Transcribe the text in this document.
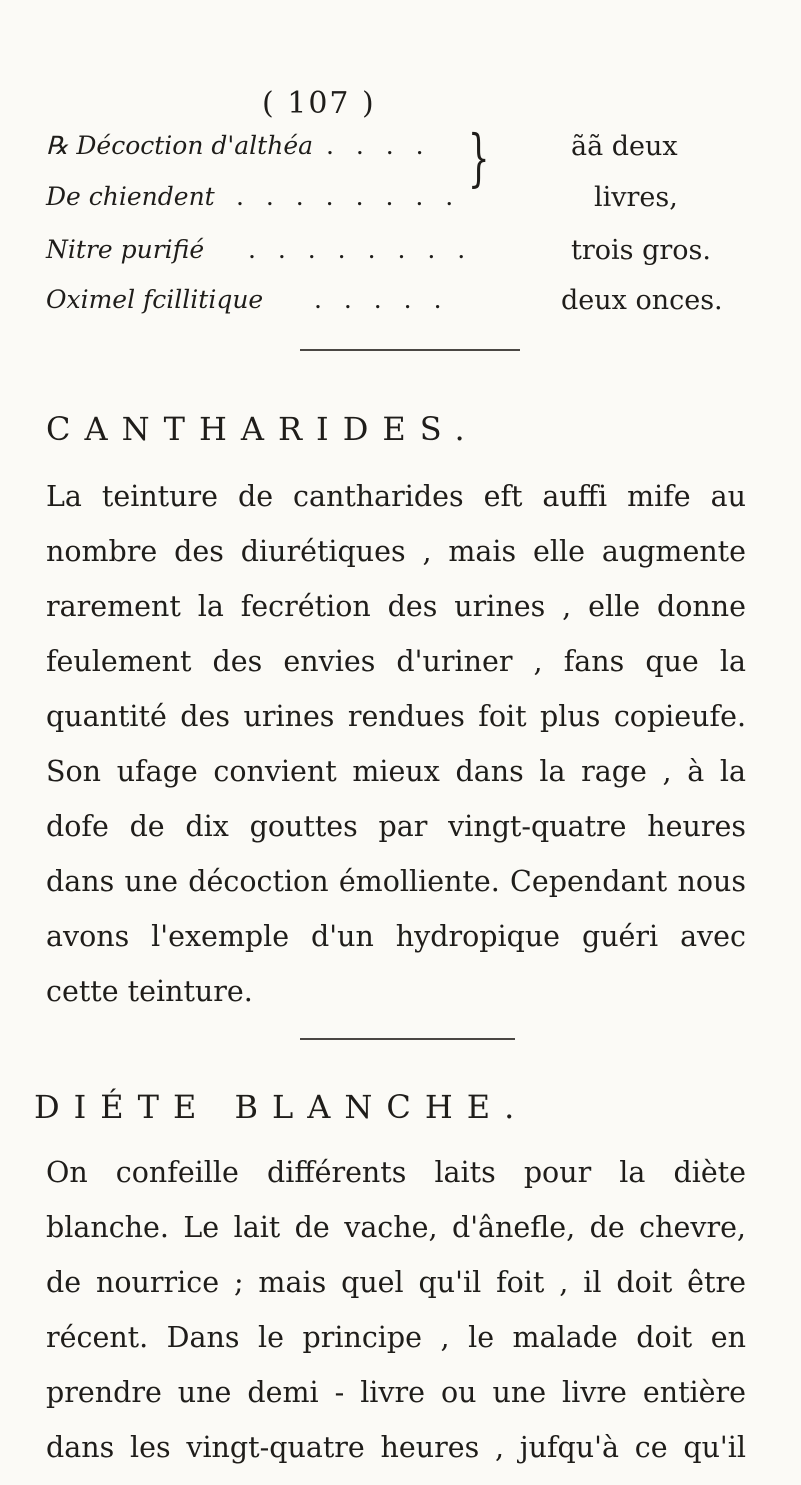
( 107 )
℞ Décoction d'althéa . . . .	ãã deux
De chiendent . . . . . . . .	livres,
Nitre purifié . . . . . . . .	trois gros.
Oximel fcillitique . . . . .	deux onces.
}
CANTHARIDES.
La teinture de cantharides eft auffi mife au
nombre des diurétiques , mais elle augmente
rarement la fecrétion des urines , elle donne
feulement des envies d'uriner , fans que la
quantité des urines rendues foit plus copieufe.
Son ufage convient mieux dans la rage , à la
dofe de dix gouttes par vingt-quatre heures
dans une décoction émolliente. Cependant nous
avons l'exemple d'un hydropique guéri avec
cette teinture.
DIÉTE BLANCHE.
On confeille différents laits pour la diète
blanche. Le lait de vache, d'ânefle, de chevre,
de nourrice ; mais quel qu'il foit , il doit être
récent. Dans le principe , le malade doit en
prendre une demi - livre ou une livre entière
dans les vingt-quatre heures , jufqu'à ce qu'il
